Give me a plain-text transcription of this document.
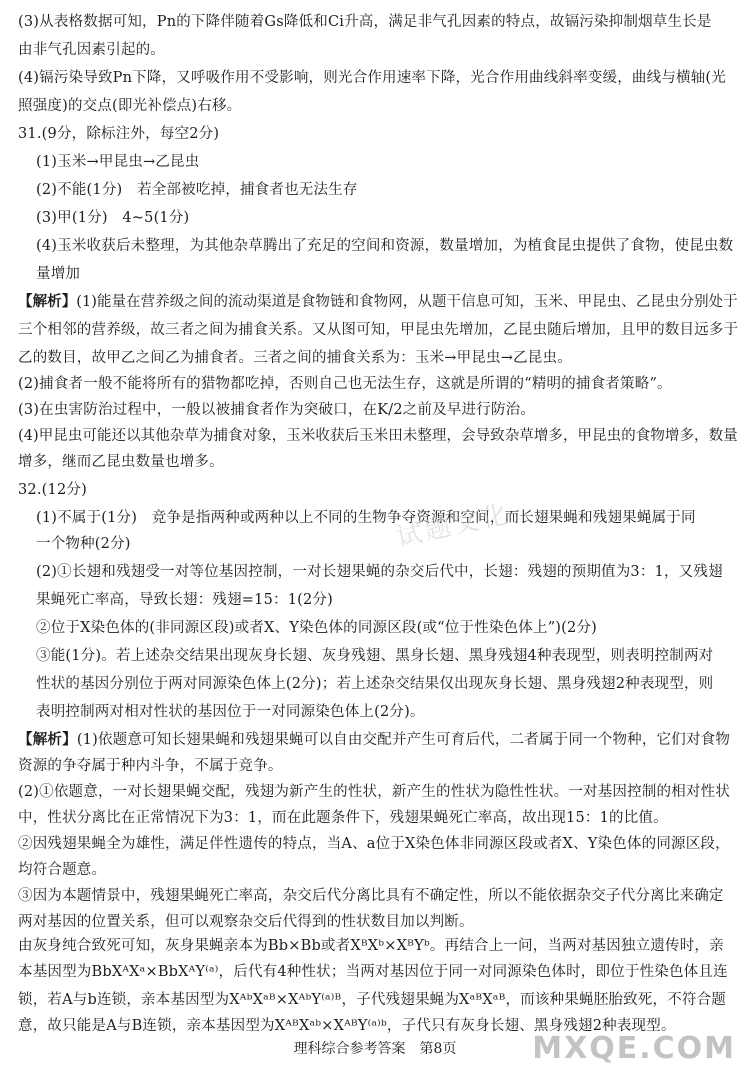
(3)从表格数据可知，Pn的下降伴随着Gs降低和Ci升高，满足非气孔因素的特点，故镉污染抑制烟草生长是
由非气孔因素引起的。
(4)镉污染导致Pn下降，又呼吸作用不受影响，则光合作用速率下降，光合作用曲线斜率变缓，曲线与横轴(光
照强度)的交点(即光补偿点)右移。
31.(9分，除标注外，每空2分)
(1)玉米→甲昆虫→乙昆虫
(2)不能(1分)　若全部被吃掉，捕食者也无法生存
(3)甲(1分)　4~5(1分)
(4)玉米收获后未整理，为其他杂草腾出了充足的空间和资源，数量增加，为植食昆虫提供了食物，使昆虫数
量增加
【解析】(1)能量在营养级之间的流动渠道是食物链和食物网，从题干信息可知，玉米、甲昆虫、乙昆虫分别处于
三个相邻的营养级，故三者之间为捕食关系。又从图可知，甲昆虫先增加，乙昆虫随后增加，且甲的数目远多于
乙的数目，故甲乙之间乙为捕食者。三者之间的捕食关系为：玉米→甲昆虫→乙昆虫。
(2)捕食者一般不能将所有的猎物都吃掉，否则自己也无法生存，这就是所谓的“精明的捕食者策略”。
(3)在虫害防治过程中，一般以被捕食者作为突破口，在K/2之前及早进行防治。
(4)甲昆虫可能还以其他杂草为捕食对象，玉米收获后玉米田未整理，会导致杂草增多，甲昆虫的食物增多，数量
增多，继而乙昆虫数量也增多。
32.(12分)
(1)不属于(1分)　竞争是指两种或两种以上不同的生物争夺资源和空间，而长翅果蝇和残翅果蝇属于同
一个物种(2分)
(2)①长翅和残翅受一对等位基因控制，一对长翅果蝇的杂交后代中，长翅：残翅的预期值为3：1，又残翅
果蝇死亡率高，导致长翅：残翅=15：1(2分)
②位于X染色体的(非同源区段)或者X、Y染色体的同源区段(或“位于性染色体上”)(2分)
③能(1分)。若上述杂交结果出现灰身长翅、灰身残翅、黑身长翅、黑身残翅4种表现型，则表明控制两对
性状的基因分别位于两对同源染色体上(2分)；若上述杂交结果仅出现灰身长翅、黑身残翅2种表现型，则
表明控制两对相对性状的基因位于一对同源染色体上(2分)。
【解析】(1)依题意可知长翅果蝇和残翅果蝇可以自由交配并产生可育后代，二者属于同一个物种，它们对食物
资源的争夺属于种内斗争，不属于竞争。
(2)①依题意，一对长翅果蝇交配，残翅为新产生的性状，新产生的性状为隐性性状。一对基因控制的相对性状
中，性状分离比在正常情况下为3：1，而在此题条件下，残翅果蝇死亡率高，故出现15：1的比值。
②因残翅果蝇全为雄性，满足伴性遗传的特点，当A、a位于X染色体非同源区段或者X、Y染色体的同源区段，
均符合题意。
③因为本题情景中，残翅果蝇死亡率高，杂交后代分离比具有不确定性，所以不能依据杂交子代分离比来确定
两对基因的位置关系，但可以观察杂交后代得到的性状数目加以判断。
由灰身纯合致死可知，灰身果蝇亲本为Bb×Bb或者XᴮXᵇ×XᴮYᵇ。再结合上一问，当两对基因独立遗传时，亲
本基因型为BbXᴬXᵃ×BbXᴬY⁽ᵃ⁾，后代有4种性状；当两对基因位于同一对同源染色体时，即位于性染色体且连
锁，若A与b连锁，亲本基因型为XᴬᵇXᵃᴮ×XᴬᵇY⁽ᵃ⁾ᴮ，子代残翅果蝇为XᵃᴮXᵃᴮ，而该种果蝇胚胎致死，不符合题
意，故只能是A与B连锁，亲本基因型为XᴬᴮXᵃᵇ×XᴬᴮY⁽ᵃ⁾ᵇ，子代只有灰身长翅、黑身残翅2种表现型。
试题文化
理科综合参考答案　第8页	MXQE.COM
